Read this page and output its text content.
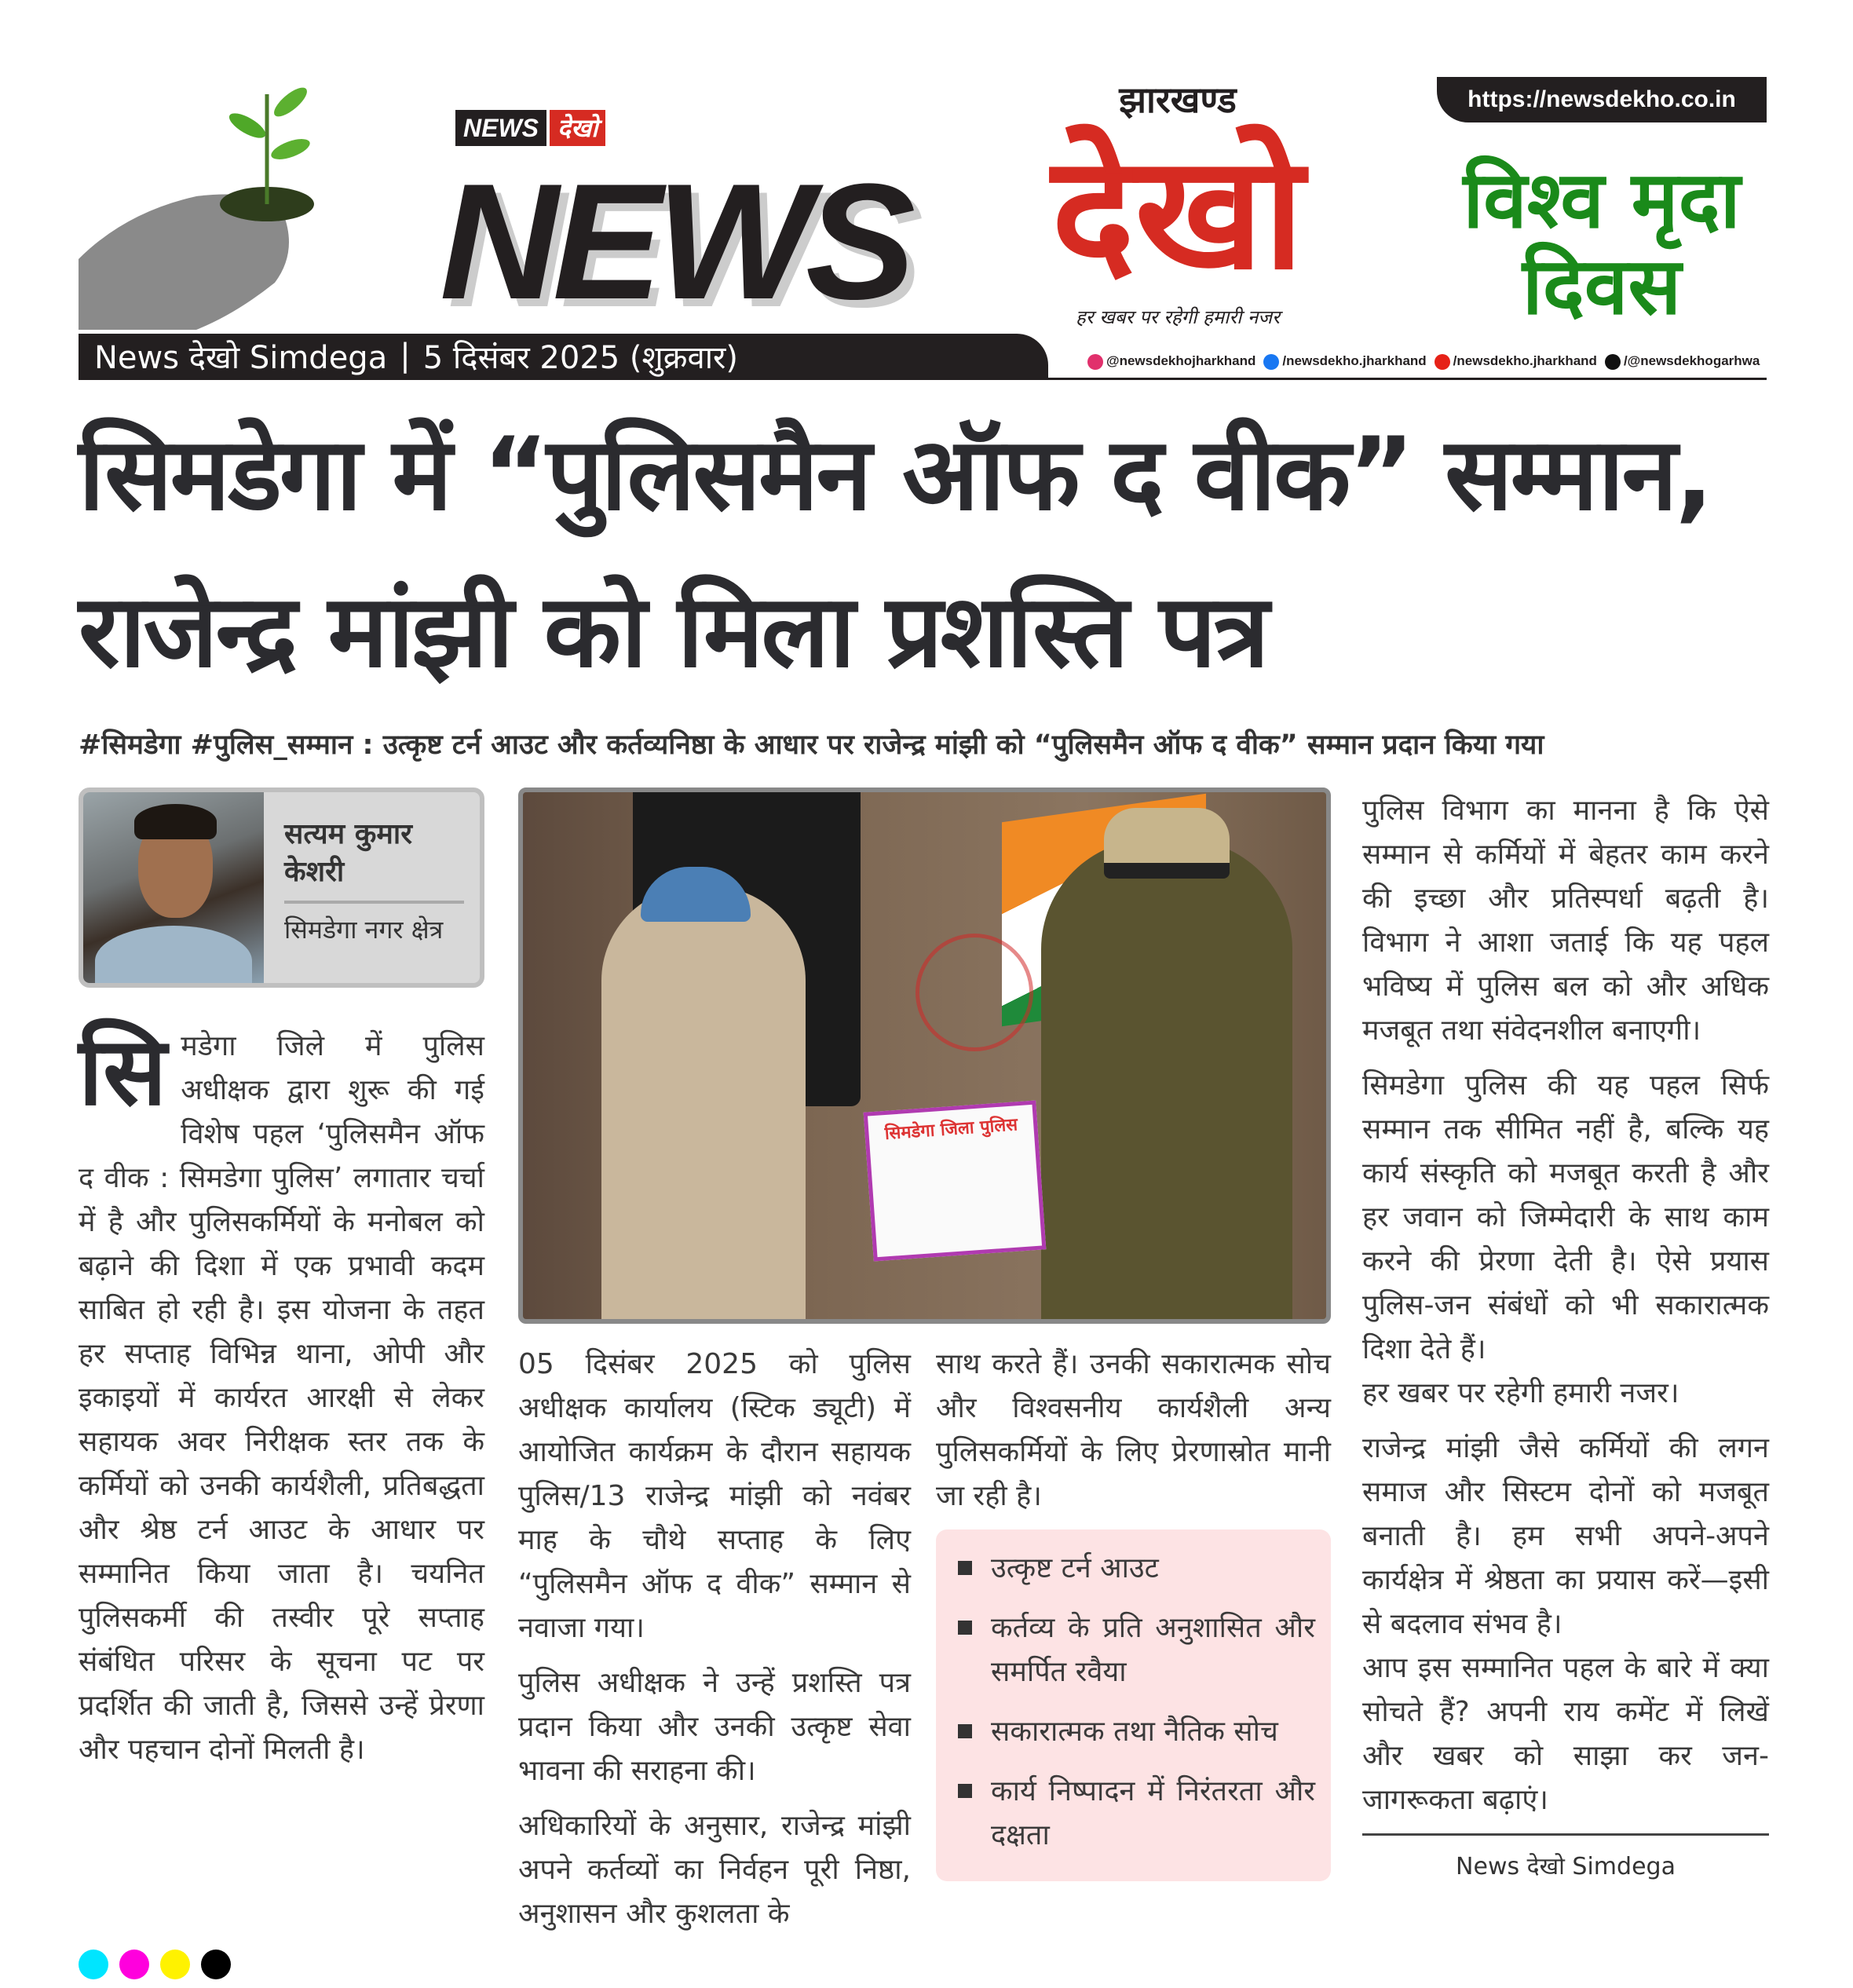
https://newsdekho.co.in
NEWS देखो
NEWS
झारखण्ड
देखो
हर खबर पर रहेगी हमारी नजर
विश्व मृदा
दिवस
News देखो Simdega | 5 दिसंबर 2025 (शुक्रवार)	@newsdekhojharkhand	/newsdekho.jharkhand	/newsdekho.jharkhand	/@newsdekhogarhwa
सिमडेगा में “पुलिसमैन ऑफ द वीक” सम्मान,
राजेन्द्र मांझी को मिला प्रशस्ति पत्र
#सिमडेगा #पुलिस_सम्मान : उत्कृष्ट टर्न आउट और कर्तव्यनिष्ठा के आधार पर राजेन्द्र मांझी को “पुलिसमैन ऑफ द वीक” सम्मान प्रदान किया गया
सत्यम कुमार केशरी
सिमडेगा नगर क्षेत्र
सिमडेगा जिला पुलिस
सि मडेगा जिले में पुलिस अधीक्षक द्वारा शुरू की गई विशेष पहल ‘पुलिसमैन ऑफ द वीक : सिमडेगा पुलिस’ लगातार चर्चा में है और पुलिसकर्मियों के मनोबल को बढ़ाने की दिशा में एक प्रभावी कदम साबित हो रही है। इस योजना के तहत हर सप्ताह विभिन्न थाना, ओपी और इकाइयों में कार्यरत आरक्षी से लेकर सहायक अवर निरीक्षक स्तर तक के कर्मियों को उनकी कार्यशैली, प्रतिबद्धता और श्रेष्ठ टर्न आउट के आधार पर सम्मानित किया जाता है। चयनित पुलिसकर्मी की तस्वीर पूरे सप्ताह संबंधित परिसर के सूचना पट पर प्रदर्शित की जाती है, जिससे उन्हें प्रेरणा और पहचान दोनों मिलती है।

05 दिसंबर 2025 को पुलिस अधीक्षक कार्यालय (स्टिक ड्यूटी) में आयोजित कार्यक्रम के दौरान सहायक पुलिस/13 राजेन्द्र मांझी को नवंबर माह के चौथे सप्ताह के लिए “पुलिसमैन ऑफ द वीक” सम्मान से नवाजा गया।

पुलिस अधीक्षक ने उन्हें प्रशस्ति पत्र प्रदान किया और उनकी उत्कृष्ट सेवा भावना की सराहना की।

अधिकारियों के अनुसार, राजेन्द्र मांझी अपने कर्तव्यों का निर्वहन पूरी निष्ठा, अनुशासन और कुशलता के

साथ करते हैं। उनकी सकारात्मक सोच और विश्वसनीय कार्यशैली अन्य पुलिसकर्मियों के लिए प्रेरणास्रोत मानी जा रही है।

उत्कृष्ट टर्न आउट
कर्तव्य के प्रति अनुशासित और समर्पित रवैया
सकारात्मक तथा नैतिक सोच
कार्य निष्पादन में निरंतरता और दक्षता

पुलिस विभाग का मानना है कि ऐसे सम्मान से कर्मियों में बेहतर काम करने की इच्छा और प्रतिस्पर्धा बढ़ती है। विभाग ने आशा जताई कि यह पहल भविष्य में पुलिस बल को और अधिक मजबूत तथा संवेदनशील बनाएगी।

सिमडेगा पुलिस की यह पहल सिर्फ सम्मान तक सीमित नहीं है, बल्कि यह कार्य संस्कृति को मजबूत करती है और हर जवान को जिम्मेदारी के साथ काम करने की प्रेरणा देती है। ऐसे प्रयास पुलिस-जन संबंधों को भी सकारात्मक दिशा देते हैं।

हर खबर पर रहेगी हमारी नजर।

राजेन्द्र मांझी जैसे कर्मियों की लगन समाज और सिस्टम दोनों को मजबूत बनाती है। हम सभी अपने-अपने कार्यक्षेत्र में श्रेष्ठता का प्रयास करें—इसी से बदलाव संभव है।

आप इस सम्मानित पहल के बारे में क्या सोचते हैं? अपनी राय कमेंट में लिखें और खबर को साझा कर जन-जागरूकता बढ़ाएं।

News देखो Simdega
